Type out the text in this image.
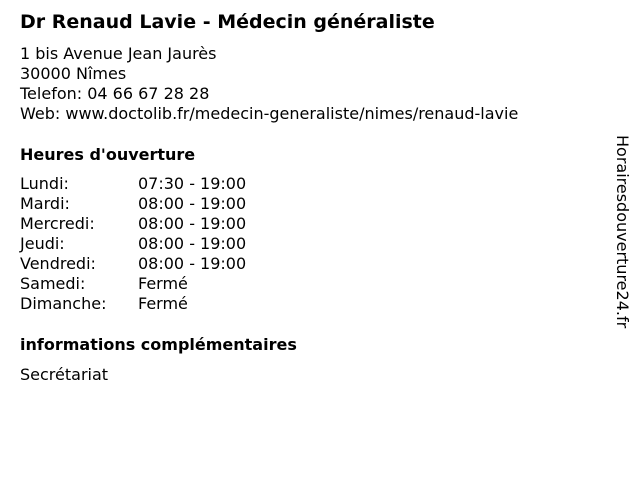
Dr Renaud Lavie - Médecin généraliste
1 bis Avenue Jean Jaurès
30000 Nîmes
Telefon: 04 66 67 28 28
Web: www.doctolib.fr/medecin-generaliste/nimes/renaud-lavie
Heures d'ouverture
Lundi:	07:30 - 19:00
Mardi:	08:00 - 19:00
Mercredi:	08:00 - 19:00
Jeudi:	08:00 - 19:00
Vendredi:	08:00 - 19:00
Samedi:	Fermé
Dimanche: Fermé
informations complémentaires
Secrétariat
Horairesdouverture24.fr
